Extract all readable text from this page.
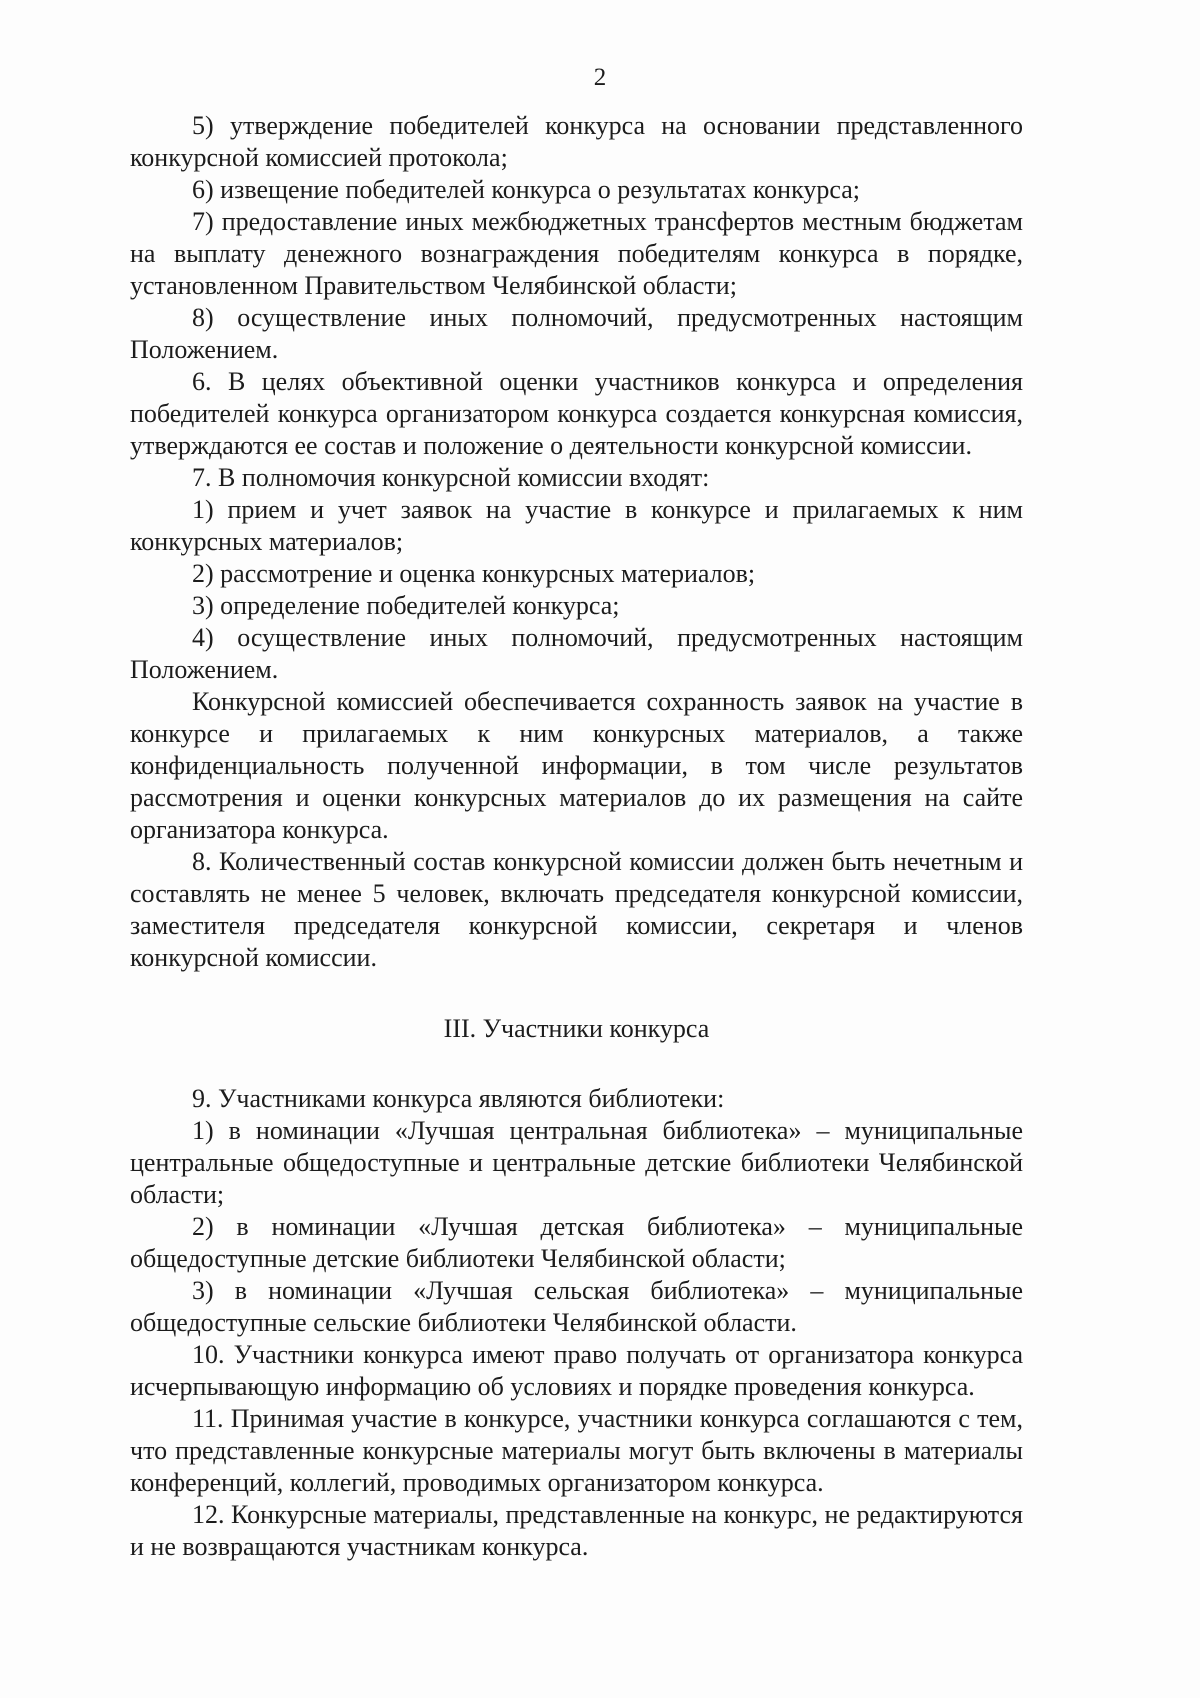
2

5) утверждение победителей конкурса на основании представленного конкурсной комиссией протокола;

6) извещение победителей конкурса о результатах конкурса;

7) предоставление иных межбюджетных трансфертов местным бюджетам на выплату денежного вознаграждения победителям конкурса в порядке, установленном Правительством Челябинской области;

8) осуществление иных полномочий, предусмотренных настоящим Положением.

6. В целях объективной оценки участников конкурса и определения победителей конкурса организатором конкурса создается конкурсная комиссия, утверждаются ее состав и положение о деятельности конкурсной комиссии.

7. В полномочия конкурсной комиссии входят:

1) прием и учет заявок на участие в конкурсе и прилагаемых к ним конкурсных материалов;

2) рассмотрение и оценка конкурсных материалов;

3) определение победителей конкурса;

4) осуществление иных полномочий, предусмотренных настоящим Положением.

Конкурсной комиссией обеспечивается сохранность заявок на участие в конкурсе и прилагаемых к ним конкурсных материалов, а также конфиденциальность полученной информации, в том числе результатов рассмотрения и оценки конкурсных материалов до их размещения на сайте организатора конкурса.

8. Количественный состав конкурсной комиссии должен быть нечетным и составлять не менее 5 человек, включать председателя конкурсной комиссии, заместителя председателя конкурсной комиссии, секретаря и членов конкурсной комиссии.

III. Участники конкурса

9. Участниками конкурса являются библиотеки:

1) в номинации «Лучшая центральная библиотека» – муниципальные центральные общедоступные и центральные детские библиотеки Челябинской области;

2) в номинации «Лучшая детская библиотека» – муниципальные общедоступные детские библиотеки Челябинской области;

3) в номинации «Лучшая сельская библиотека» – муниципальные общедоступные сельские библиотеки Челябинской области.

10. Участники конкурса имеют право получать от организатора конкурса исчерпывающую информацию об условиях и порядке проведения конкурса.

11. Принимая участие в конкурсе, участники конкурса соглашаются с тем, что представленные конкурсные материалы могут быть включены в материалы конференций, коллегий, проводимых организатором конкурса.

12. Конкурсные материалы, представленные на конкурс, не редактируются и не возвращаются участникам конкурса.
